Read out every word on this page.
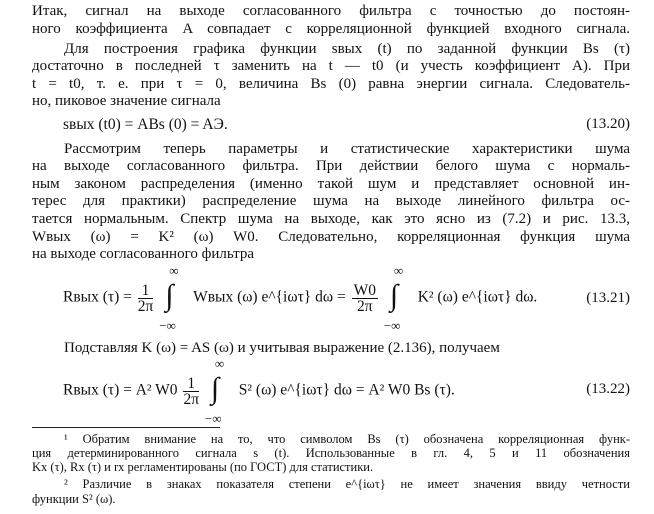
Итак, сигнал на выходе согласованного фильтра с точностью до постоян-
ного коэффициента A совпадает с корреляционной функцией входного сигнала.
Для построения графика функции sвых (t) по заданной функции Bs (τ)
достаточно в последней τ заменить на t — t0 (и учесть коэффициент A). При
t = t0, т. е. при τ = 0, величина Bs (0) равна энергии сигнала. Следователь-
но, пиковое значение сигнала
sвых (t0) = ABs (0) = AЭ.	(13.20)
Рассмотрим теперь параметры и статистические характеристики шума
на выходе согласованного фильтра. При действии белого шума с нормаль-
ным законом распределения (именно такой шум и представляет основной ин-
терес для практики) распределение шума на выходе линейного фильтра ос-
тается нормальным. Спектр шума на выходе, как это ясно из (7.2) и рис. 13.3,
Wвых (ω) = K² (ω) W0. Следовательно, корреляционная функция шума
на выходе согласованного фильтра
Rвых $(\tau) = \frac{1}{2\pi}$

∞
∫
−∞
Wвых (ω) e^{iωτ} $d\omega = \frac{W0}{2\pi}$

∞
∫
−∞
K² (ω) e^{iωτ} dω.	(13.21)
Подставляя K (ω) = AS (ω) и учитывая выражение (2.136), получаем
Rвых (τ) = A² $W0 \frac{1}{2\pi}$

∞
∫
−∞
S² (ω) e^{iωτ} dω = A² W0 Bs (τ).	(13.22)
¹ Обратим внимание на то, что символом Bs (τ) обозначена корреляционная функ-
ция детерминированного сигнала s (t). Использованные в гл. 4, 5 и 11 обозначения
Kx (τ), Rx (τ) и rx регламентированы (по ГОСТ) для статистики.
² Различие в знаках показателя степени e^{iωτ} не имеет значения ввиду четности
функции S² (ω).
